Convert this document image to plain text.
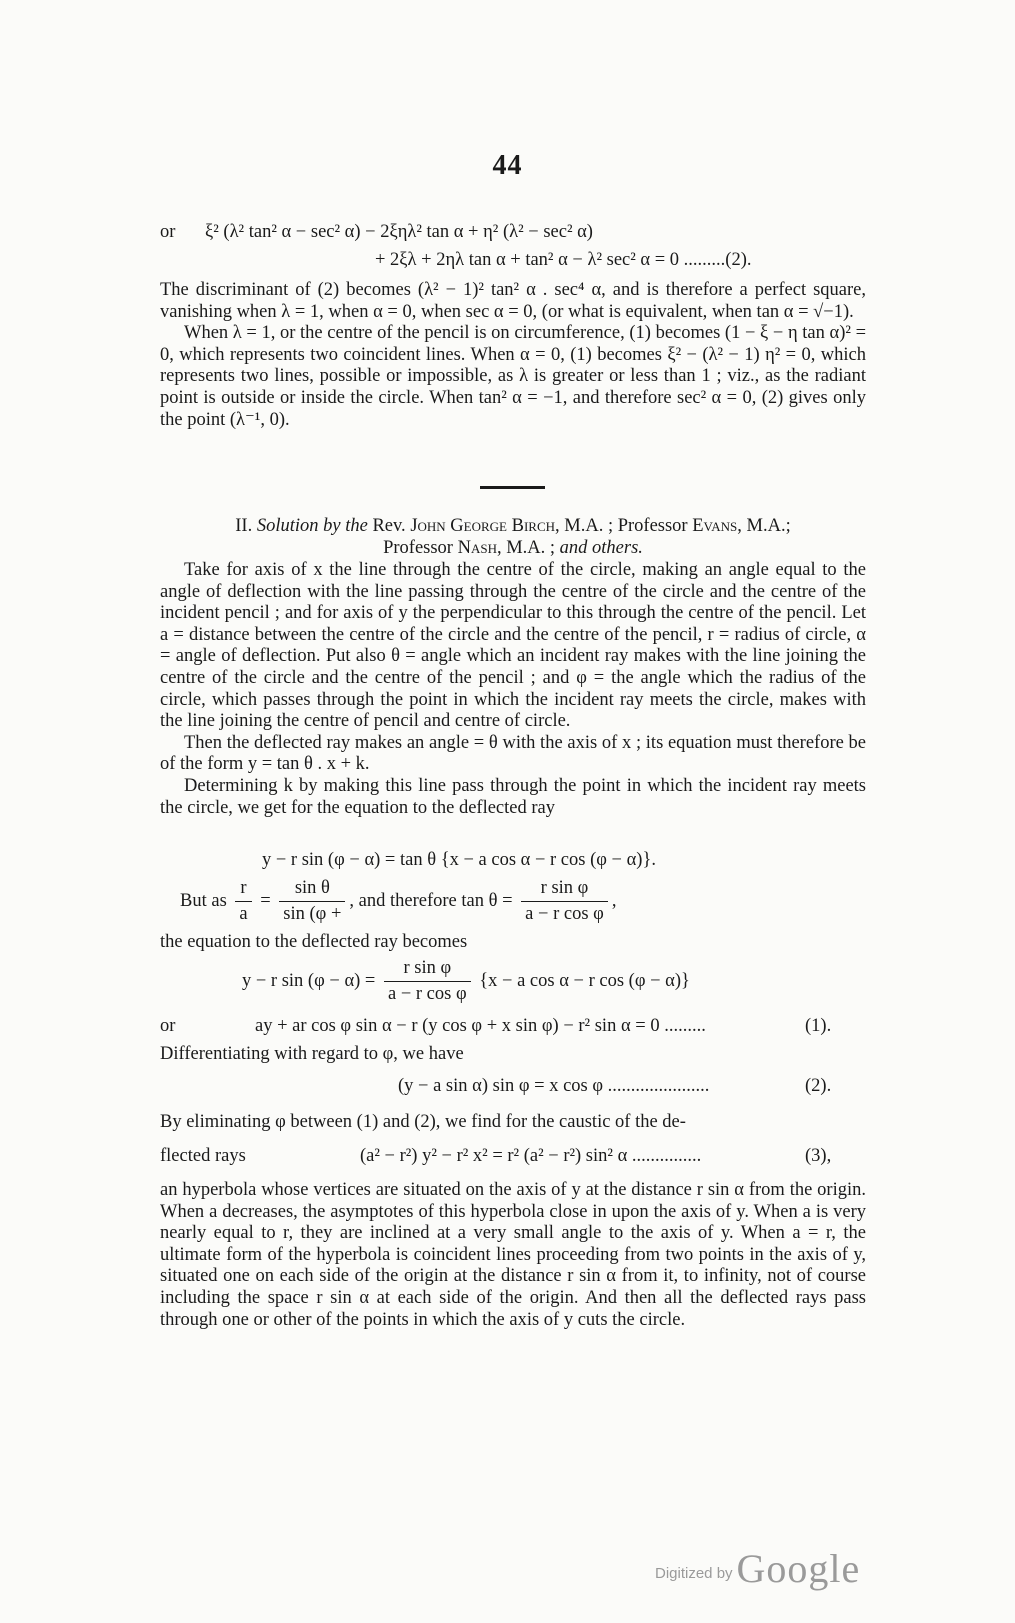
44
or ξ² (λ² tan² α − sec² α) − 2ξηλ² tan α + η² (λ² − sec² α)
+ 2ξλ + 2ηλ tan α + tan² α − λ² sec² α = 0 .........(2).

The discriminant of (2) becomes (λ² − 1)² tan² α . sec⁴ α, and is therefore a perfect square, vanishing when λ = 1, when α = 0, when sec α = 0, (or what is equivalent, when tan α = √−1).

When λ = 1, or the centre of the pencil is on circumference, (1) becomes (1 − ξ − η tan α)² = 0, which represents two coincident lines. When α = 0, (1) becomes ξ² − (λ² − 1) η² = 0, which represents two lines, possible or impossible, as λ is greater or less than 1 ; viz., as the radiant point is outside or inside the circle. When tan² α = −1, and therefore sec² α = 0, (2) gives only the point (λ⁻¹, 0).

II. Solution by the Rev. John George Birch, M.A. ; Professor Evans, M.A.;

Professor Nash, M.A. ; and others.

Take for axis of x the line through the centre of the circle, making an angle equal to the angle of deflection with the line passing through the centre of the circle and the centre of the incident pencil ; and for axis of y the perpendicular to this through the centre of the pencil. Let a = distance between the centre of the circle and the centre of the pencil, r = radius of circle, α = angle of deflection. Put also θ = angle which an incident ray makes with the line joining the centre of the circle and the centre of the pencil ; and φ = the angle which the radius of the circle, which passes through the point in which the incident ray meets the circle, makes with the line joining the centre of pencil and centre of circle.

Then the deflected ray makes an angle = θ with the axis of x ; its equation must therefore be of the form y = tan θ . x + k.

Determining k by making this line pass through the point in which the incident ray meets the circle, we get for the equation to the deflected ray

y − r sin (φ − α) = tan θ {x − a cos α − r cos (φ − α)}.
But as $\frac{r}{a} = \frac{\text{sin θ}}{\sin (\varphi +}$ , and therefore $\tan \theta = \frac{\text{r sin φ}}{\text{a − r cos φ}}$ ,
the equation to the deflected ray becomes
y − r $\sin (\varphi - \alpha) = \frac{\text{r sin φ}}{\text{a − r cos φ}} \{x - a$ cos α − r cos (φ − α)}
or	ay + ar cos φ sin α − r (y cos φ + x sin φ) − r² sin α = 0 .........	(1).
Differentiating with regard to φ, we have
(y − a sin α) sin φ = x cos φ ......................	(2).
By eliminating φ between (1) and (2), we find for the caustic of the de-
flected rays	(a² − r²) y² − r² x² = r² (a² − r²) sin² α ...............	(3),

an hyperbola whose vertices are situated on the axis of y at the distance r sin α from the origin. When a decreases, the asymptotes of this hyperbola close in upon the axis of y. When a is very nearly equal to r, they are inclined at a very small angle to the axis of y. When a = r, the ultimate form of the hyperbola is coincident lines proceeding from two points in the axis of y, situated one on each side of the origin at the distance r sin α from it, to infinity, not of course including the space r sin α at each side of the origin. And then all the deflected rays pass through one or other of the points in which the axis of y cuts the circle.

Digitized by Google
